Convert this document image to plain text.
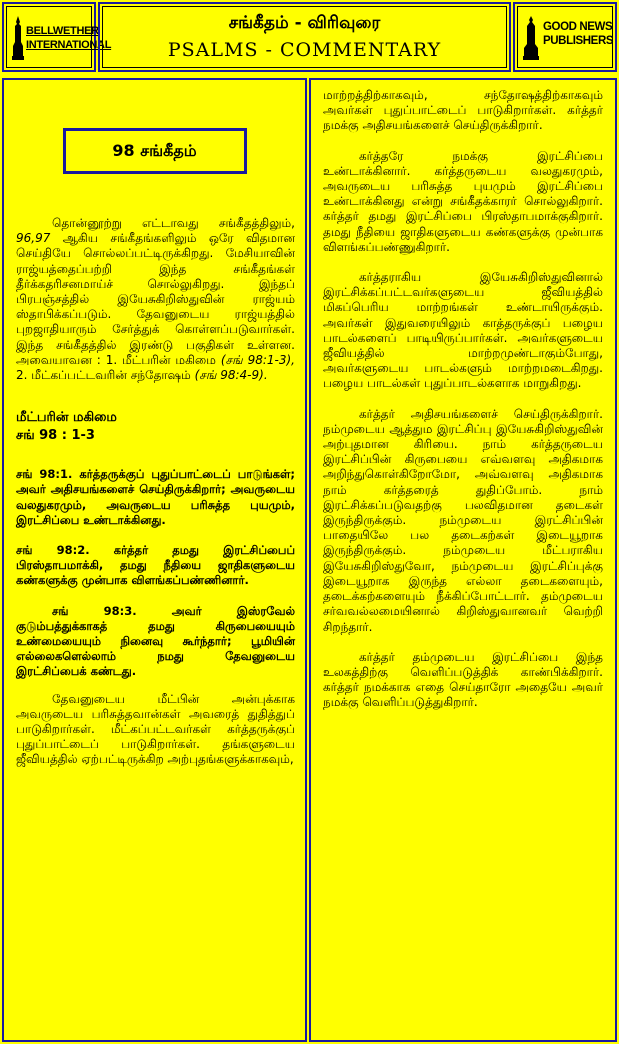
BELLWETHER
INTERNATIONAL
சங்கீதம் - விரிவுரை
PSALMS - COMMENTARY
GOOD NEWS
PUBLISHERS
98 சங்கீதம்

தொன்னூற்று எட்டாவது சங்கீதத்திலும், 96,97 ஆகிய சங்கீதங்களிலும் ஒரே விதமான செய்தியே சொல்லப்பட்டிருக்கிறது. மேசியாவின் ராஜ்யத்தைப்பற்றி இந்த சங்கீதங்கள் தீர்க்கதரிசனமாய்ச் சொல்லுகிறது. இந்தப் பிரபஞ்சத்தில் இயேசுகிறிஸ்துவின் ராஜ்யம் ஸ்தாபிக்கப்படும். தேவனுடைய ராஜ்யத்தில் புறஜாதியாரும் சேர்த்துக் கொள்ளப்படுவார்கள். இந்த சங்கீதத்தில் இரண்டு பகுதிகள் உள்ளன. அவையாவன : 1. மீட்பரின் மகிமை (சங் 98:1-3), 2. மீட்கப்பட்டவரின் சந்தோஷம் (சங் 98:4-9).

மீட்பரின் மகிமை
சங் 98 : 1-3

சங் 98:1. கர்த்தருக்குப் புதுப்பாட்டைப் பாடுங்கள்; அவர் அதிசயங்களைச் செய்திருக்கிறார்; அவருடைய வலதுகரமும், அவருடைய பரிசுத்த புயமும், இரட்சிப்பை உண்டாக்கினது.

சங் 98:2. கர்த்தர் தமது இரட்சிப்பைப் பிரஸ்தாபமாக்கி, தமது நீதியை ஜாதிகளுடைய கண்களுக்கு முன்பாக விளங்கப்பண்ணினார்.

சங் 98:3. அவர் இஸ்ரவேல் குடும்பத்துக்காகத் தமது கிருபையையும் உண்மையையும் நினைவு கூர்ந்தார்; பூமியின் எல்லைகளெல்லாம் நமது தேவனுடைய இரட்சிப்பைக் கண்டது.

தேவனுடைய மீட்பின் அன்புக்காக அவருடைய பரிசுத்தவான்கள் அவரைத் துதித்துப் பாடுகிறார்கள். மீட்கப்பட்டவர்கள் கர்த்தருக்குப் புதுப்பாட்டைப் பாடுகிறார்கள். தங்களுடைய ஜீவியத்தில் ஏற்பட்டிருக்கிற அற்புதங்களுக்காகவும்,

மாற்றத்திற்காகவும், சந்தோஷத்திற்காகவும் அவர்கள் புதுப்பாட்டைப் பாடுகிறார்கள். கர்த்தர் நமக்கு அதிசயங்களைச் செய்திருக்கிறார்.

கர்த்தரே நமக்கு இரட்சிப்பை உண்டாக்கினார். கர்த்தருடைய வலதுகரமும், அவருடைய பரிசுத்த புயமும் இரட்சிப்பை உண்டாக்கினது என்று சங்கீதக்காரர் சொல்லுகிறார். கர்த்தர் தமது இரட்சிப்பை பிரஸ்தாபமாக்குகிறார். தமது நீதியை ஜாதிகளுடைய கண்களுக்கு முன்பாக விளங்கப்பண்ணுகிறார்.

கர்த்தராகிய இயேசுகிறிஸ்துவினால் இரட்சிக்கப்பட்டவர்களுடைய ஜீவியத்தில் மிகப்பெரிய மாற்றங்கள் உண்டாயிருக்கும். அவர்கள் இதுவரையிலும் காத்தருக்குப் பழைய பாடல்களைப் பாடியிருப்பார்கள். அவர்களுடைய ஜீவியத்தில் மாற்றமுண்டாகும்போது, அவர்களுடைய பாடல்களும் மாற்றமடைகிறது. பழைய பாடல்கள் புதுப்பாடல்களாக மாறுகிறது.

கர்த்தர் அதிசயங்களைச் செய்திருக்கிறார். நம்முடைய ஆத்தும இரட்சிப்பு இயேசுகிறிஸ்துவின் அற்புதமான கிரியை. நாம் கர்த்தருடைய இரட்சிப்பின் கிருபையை எவ்வளவு அதிகமாக அறிந்துகொள்கிறோமோ, அவ்வளவு அதிகமாக நாம் கர்த்தரைத் துதிப்போம். நாம் இரட்சிக்கப்படுவதற்கு பலவிதமான தடைகள் இருந்திருக்கும். நம்முடைய இரட்சிப்பின் பாதையிலே பல தடைகற்கள் இடையூறாக இருந்திருக்கும். நம்முடைய மீட்பராகிய இயேசுகிறிஸ்துவோ, நம்முடைய இரட்சிப்புக்கு இடையூறாக இருந்த எல்லா தடைகளையும், தடைக்கற்களையும் நீக்கிப்போட்டார். தம்முடைய சர்வவல்லமையினால் கிறிஸ்துவானவர் வெற்றி சிறந்தார்.

கர்த்தர் தம்முடைய இரட்சிப்பை இந்த உலகத்திற்கு வெளிப்படுத்திக் காண்பிக்கிறார். கர்த்தர் நமக்காக எதை செய்தாரோ அதையே அவர் நமக்கு வெளிப்படுத்துகிறார்.
